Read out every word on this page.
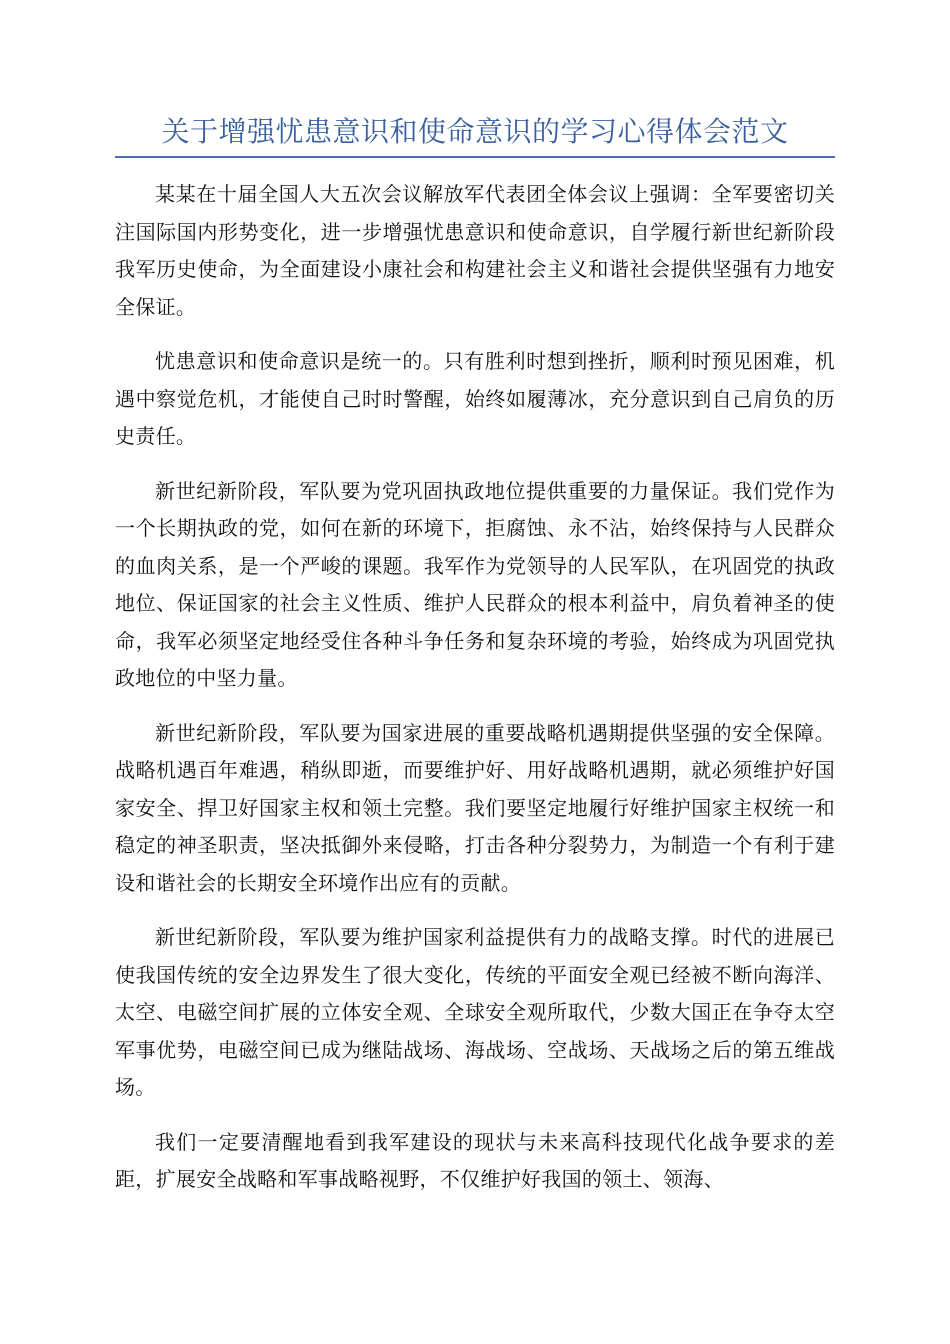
关于增强忧患意识和使命意识的学习心得体会范文

某某在十届全国人大五次会议解放军代表团全体会议上强调：全军要密切关注国际国内形势变化，进一步增强忧患意识和使命意识，自学履行新世纪新阶段我军历史使命，为全面建设小康社会和构建社会主义和谐社会提供坚强有力地安全保证。

忧患意识和使命意识是统一的。只有胜利时想到挫折，顺利时预见困难，机遇中察觉危机，才能使自己时时警醒，始终如履薄冰，充分意识到自己肩负的历史责任。

新世纪新阶段，军队要为党巩固执政地位提供重要的力量保证。我们党作为一个长期执政的党，如何在新的环境下，拒腐蚀、永不沾，始终保持与人民群众的血肉关系，是一个严峻的课题。我军作为党领导的人民军队，在巩固党的执政地位、保证国家的社会主义性质、维护人民群众的根本利益中，肩负着神圣的使命，我军必须坚定地经受住各种斗争任务和复杂环境的考验，始终成为巩固党执政地位的中坚力量。

新世纪新阶段，军队要为国家进展的重要战略机遇期提供坚强的安全保障。战略机遇百年难遇，稍纵即逝，而要维护好、用好战略机遇期，就必须维护好国家安全、捍卫好国家主权和领土完整。我们要坚定地履行好维护国家主权统一和稳定的神圣职责，坚决抵御外来侵略，打击各种分裂势力，为制造一个有利于建设和谐社会的长期安全环境作出应有的贡献。

新世纪新阶段，军队要为维护国家利益提供有力的战略支撑。时代的进展已使我国传统的安全边界发生了很大变化，传统的平面安全观已经被不断向海洋、太空、电磁空间扩展的立体安全观、全球安全观所取代，少数大国正在争夺太空军事优势，电磁空间已成为继陆战场、海战场、空战场、天战场之后的第五维战场。

我们一定要清醒地看到我军建设的现状与未来高科技现代化战争要求的差距，扩展安全战略和军事战略视野，不仅维护好我国的领土、领海、
